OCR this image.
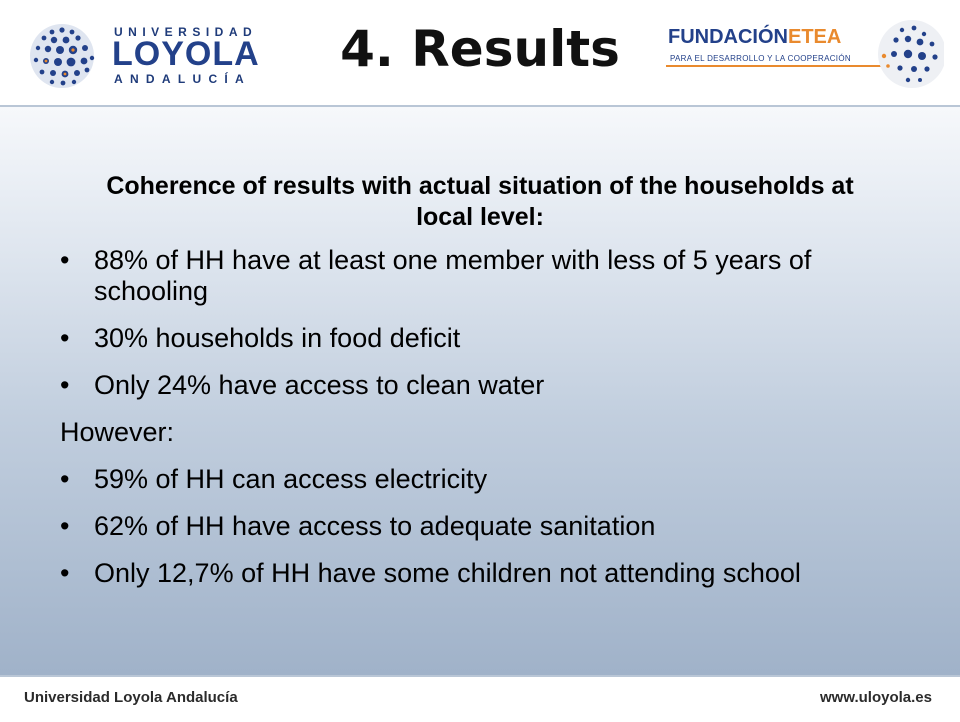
UNIVERSIDAD
LOYOLA
ANDALUCÍA
4. Results	FUNDACIÓNETEA
PARA EL DESARROLLO Y LA COOPERACIÓN
Coherence of results with actual situation of the households at local level:
• 88% of HH have at least one member with less of 5 years of schooling
• 30% households in food deficit
• Only 24% have access to clean water
However:
• 59% of HH can access electricity
• 62% of HH have access to adequate sanitation
• Only 12,7% of HH have some children not attending school
Universidad Loyola Andalucía	www.uloyola.es
